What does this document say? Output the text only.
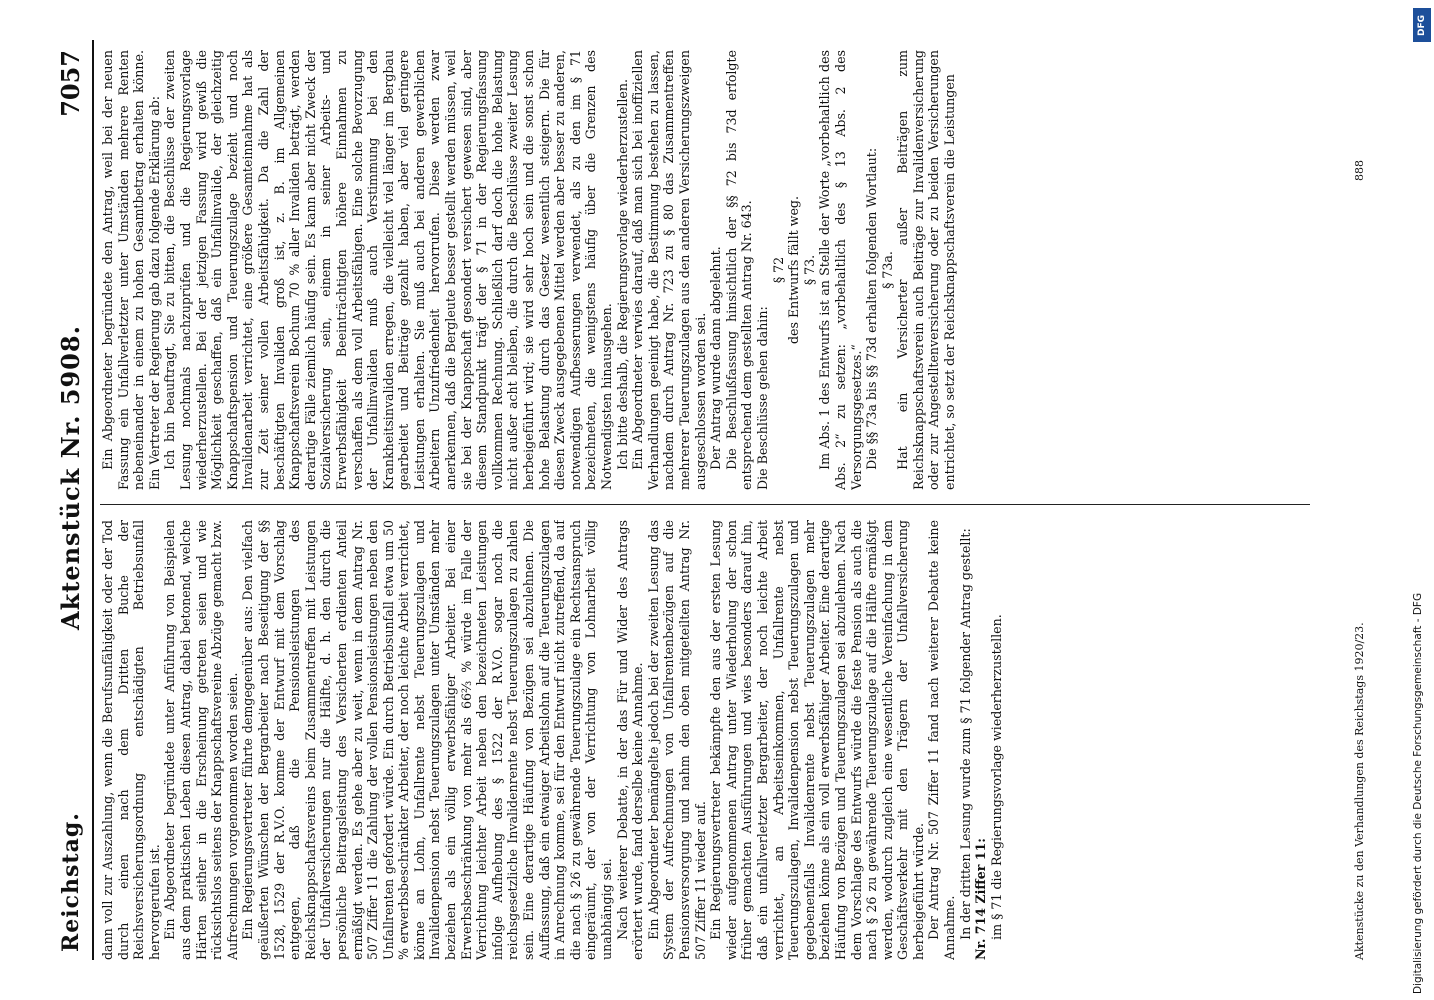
Reichstag.
Aktenstück Nr. 5908.
7057

dann voll zur Auszahlung, wenn die Berufsunfähigkeit oder der Tod durch einen nach dem Dritten Buche der Reichsversicherungsordnung entschädigten Betriebsunfall hervorgerufen ist. Ein Abgeordneter begründete unter Anführung von Beispielen aus dem praktischen Leben diesen Antrag, dabei betonend, welche Härten seither in die Erscheinung getreten seien und wie rücksichtslos seitens der Knappschaftsvereine Abzüge gemacht bzw. Aufrechnungen vorgenommen worden seien. Ein Regierungsvertreter führte demgegenüber aus: Den vielfach geäußerten Wünschen der Bergarbeiter nach Beseitigung der §§ 1528, 1529 der R.V.O. komme der Entwurf mit dem Vorschlag entgegen, daß die Pensionsleistungen des Reichsknappschaftsvereins beim Zusammentreffen mit Leistungen der Unfallversicherungen nur die Hälfte, d. h. den durch die persönliche Beitragsleistung des Versicherten erdienten Anteil ermäßigt werden. Es gehe aber zu weit, wenn in dem Antrag Nr. 507 Ziffer 11 die Zahlung der vollen Pensionsleistungen neben den Unfallrenten gefordert würde. Ein durch Betriebsunfall etwa um 50 % erwerbsbeschränkter Arbeiter, der noch leichte Arbeit verrichtet, könne an Lohn, Unfallrente nebst Teuerungszulagen und Invalidenpension nebst Teuerungszulagen unter Umständen mehr beziehen als ein völlig erwerbsfähiger Arbeiter. Bei einer Erwerbsbeschränkung von mehr als 66⅔ % würde im Falle der Verrichtung leichter Arbeit neben den bezeichneten Leistungen infolge Aufhebung des § 1522 der R.V.O. sogar noch die reichsgesetzliche Invalidenrente nebst Teuerungszulagen zu zahlen sein. Eine derartige Häufung von Bezügen sei abzulehnen. Die Auffassung, daß ein etwaiger Arbeitslohn auf die Teuerungszulagen in Anrechnung komme, sei für den Entwurf nicht zutreffend, da auf die nach § 26 zu gewährende Teuerungszulage ein Rechtsanspruch eingeräumt, der von der Verrichtung von Lohnarbeit völlig unabhängig sei. Nach weiterer Debatte, in der das Für und Wider des Antrags erörtert wurde, fand derselbe keine Annahme. Ein Abgeordneter bemängelte jedoch bei der zweiten Lesung das System der Aufrechnungen von Unfallrentenbezügen auf die Pensionsversorgung und nahm den oben mitgeteilten Antrag Nr. 507 Ziffer 11 wieder auf. Ein Regierungsvertreter bekämpfte den aus der ersten Lesung wieder aufgenommenen Antrag unter Wiederholung der schon früher gemachten Ausführungen und wies besonders darauf hin, daß ein unfallverletzter Bergarbeiter, der noch leichte Arbeit verrichtet, an Arbeitseinkommen, Unfallrente nebst Teuerungszulagen, Invalidenpension nebst Teuerungszulagen und gegebenenfalls Invalidenrente nebst Teuerungszulagen mehr beziehen könne als ein voll erwerbsfähiger Arbeiter. Eine derartige Häufung von Bezügen und Teuerungszulagen sei abzulehnen. Nach dem Vorschlage des Entwurfs würde die feste Pension als auch die nach § 26 zu gewährende Teuerungszulage auf die Hälfte ermäßigt werden, wodurch zugleich eine wesentliche Vereinfachung in dem Geschäftsverkehr mit den Trägern der Unfallversicherung herbeigeführt würde. Der Antrag Nr. 507 Ziffer 11 fand nach weiterer Debatte keine Annahme. In der dritten Lesung wurde zum § 71 folgender Antrag gestellt: Nr. 714 Ziffer 11: im § 71 die Regierungsvorlage wiederherzustellen.

Ein Abgeordneter begründete den Antrag, weil bei der neuen Fassung ein Unfallverletzter unter Umständen mehrere Renten nebeneinander in einem zu hohen Gesamtbetrag erhalten könne. Ein Vertreter der Regierung gab dazu folgende Erklärung ab: Ich bin beauftragt, Sie zu bitten, die Beschlüsse der zweiten Lesung nochmals nachzuprüfen und die Regierungsvorlage wiederherzustellen. Bei der jetzigen Fassung wird gewiß die Möglichkeit geschaffen, daß ein Unfallinvalide, der gleichzeitig Knappschaftspension und Teuerungszulage bezieht und noch Invalidenarbeit verrichtet, eine größere Gesamteinnahme hat als zur Zeit seiner vollen Arbeitsfähigkeit. Da die Zahl der beschäftigten Invaliden groß ist, z. B. im Allgemeinen Knappschaftsverein Bochum 70 % aller Invaliden beträgt, werden derartige Fälle ziemlich häufig sein. Es kann aber nicht Zweck der Sozialversicherung sein, einem in seiner Arbeits- und Erwerbsfähigkeit Beeinträchtigten höhere Einnahmen zu verschaffen als dem voll Arbeitsfähigen. Eine solche Bevorzugung der Unfallinvaliden muß auch Verstimmung bei den Krankheitsinvaliden erregen, die vielleicht viel länger im Bergbau gearbeitet und Beiträge gezahlt haben, aber viel geringere Leistungen erhalten. Sie muß auch bei anderen gewerblichen Arbeitern Unzufriedenheit hervorrufen. Diese werden zwar anerkennen, daß die Bergleute besser gestellt werden müssen, weil sie bei der Knappschaft gesondert versichert gewesen sind, aber diesem Standpunkt trägt der § 71 in der Regierungsfassung vollkommen Rechnung. Schließlich darf doch die hohe Belastung nicht außer acht bleiben, die durch die Beschlüsse zweiter Lesung herbeigeführt wird; sie wird sehr hoch sein und die sonst schon hohe Belastung durch das Gesetz wesentlich steigern. Die für diesen Zweck ausgegebenen Mittel werden aber besser zu anderen, notwendigen Aufbesserungen verwendet, als zu den im § 71 bezeichneten, die wenigstens häufig über die Grenzen des Notwendigsten hinausgehen. Ich bitte deshalb, die Regierungsvorlage wiederherzustellen. Ein Abgeordneter verwies darauf, daß man sich bei inoffiziellen Verhandlungen geeinigt habe, die Bestimmung bestehen zu lassen, nachdem durch Antrag Nr. 723 zu § 80 das Zusammentreffen mehrerer Teuerungszulagen aus den anderen Versicherungszweigen ausgeschlossen worden sei. Der Antrag wurde dann abgelehnt. Die Beschlußfassung hinsichtlich der §§ 72 bis 73d erfolgte entsprechend dem gestellten Antrag Nr. 643. Die Beschlüsse gehen dahin:

§ 72 des Entwurfs fällt weg. § 73. Im Abs. 1 des Entwurfs ist an Stelle der Worte „vorbehaltlich des Abs. 2“ zu setzen: „vorbehaltlich des § 13 Abs. 2 des Versorgungsgesetzes.“ Die §§ 73a bis §§ 73d erhalten folgenden Wortlaut: § 73a. Hat ein Versicherter außer Beiträgen zum Reichsknappschaftsverein auch Beiträge zur Invalidenversicherung oder zur Angestelltenversicherung oder zu beiden Versicherungen entrichtet, so setzt der Reichsknappschaftsverein die Leistungen

Aktenstücke zu den Verhandlungen des Reichstags 1920/23.
888
Digitalisierung gefördert durch die Deutsche Forschungsgemeinschaft - DFG
DFG
